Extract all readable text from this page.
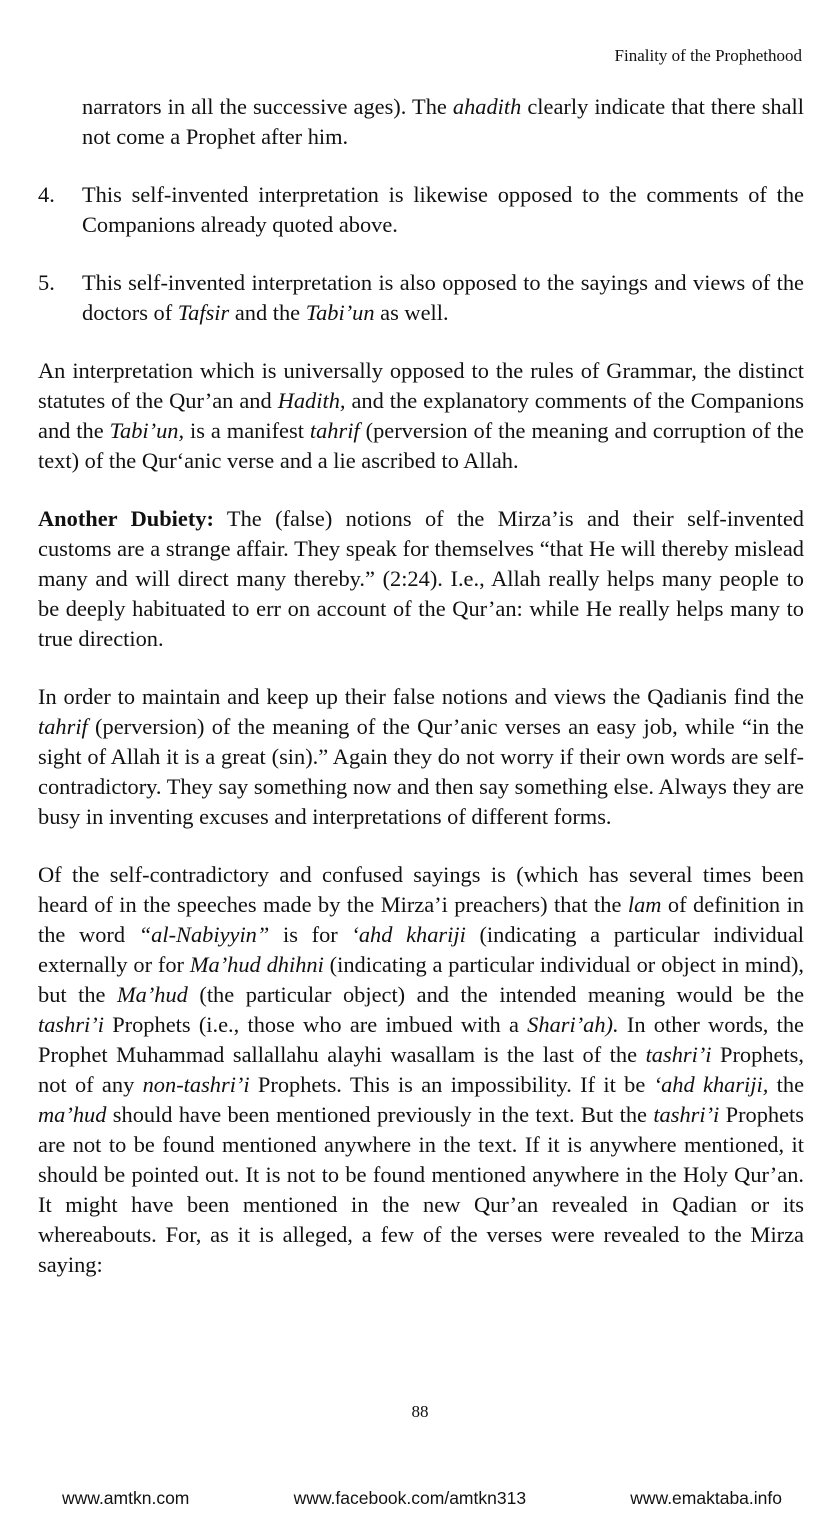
Finality of the Prophethood
narrators in all the successive ages). The ahadith clearly indicate that there shall not come a Prophet after him.
4.	This self-invented interpretation is likewise opposed to the comments of the Companions already quoted above.
5.	This self-invented interpretation is also opposed to the sayings and views of the doctors of Tafsir and the Tabi’un as well.

An interpretation which is universally opposed to the rules of Grammar, the distinct statutes of the Qur’an and Hadith, and the explanatory comments of the Companions and the Tabi’un, is a manifest tahrif (perversion of the meaning and corruption of the text) of the Qur‘anic verse and a lie ascribed to Allah.

Another Dubiety: The (false) notions of the Mirza’is and their self-invented customs are a strange affair. They speak for themselves “that He will thereby mislead many and will direct many thereby.” (2:24). I.e., Allah really helps many people to be deeply habituated to err on account of the Qur’an: while He really helps many to true direction.

In order to maintain and keep up their false notions and views the Qadianis find the tahrif (perversion) of the meaning of the Qur’anic verses an easy job, while “in the sight of Allah it is a great (sin).” Again they do not worry if their own words are self-contradictory. They say something now and then say something else. Always they are busy in inventing excuses and interpretations of different forms.

Of the self-contradictory and confused sayings is (which has several times been heard of in the speeches made by the Mirza’i preachers) that the lam of definition in the word “al-Nabiyyin” is for ‘ahd khariji (indicating a particular individual externally or for Ma’hud dhihni (indicating a particular individual or object in mind), but the Ma’hud (the particular object) and the intended meaning would be the tashri’i Prophets (i.e., those who are imbued with a Shari’ah). In other words, the Prophet Muhammad sallallahu alayhi wasallam is the last of the tashri’i Prophets, not of any non-tashri’i Prophets. This is an impossibility. If it be ‘ahd khariji, the ma’hud should have been mentioned previously in the text. But the tashri’i Prophets are not to be found mentioned anywhere in the text. If it is anywhere mentioned, it should be pointed out. It is not to be found mentioned anywhere in the Holy Qur’an. It might have been mentioned in the new Qur’an revealed in Qadian or its whereabouts. For, as it is alleged, a few of the verses were revealed to the Mirza saying:

88
www.amtkn.com	www.facebook.com/amtkn313	www.emaktaba.info
